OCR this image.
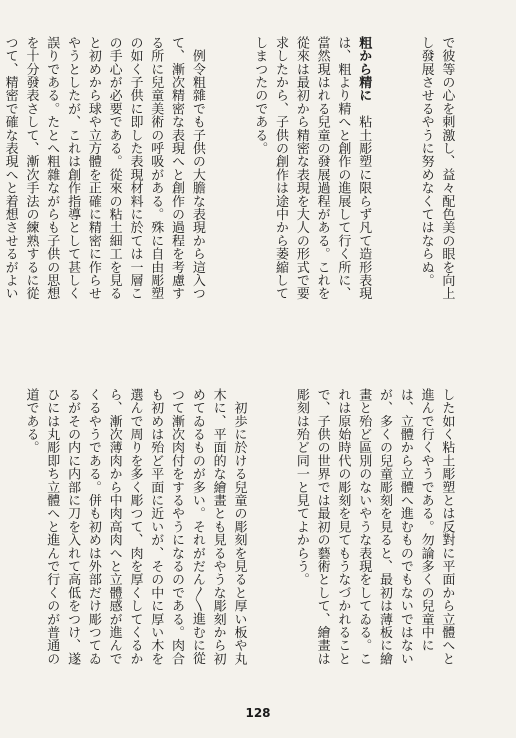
で彼等の心を刺激し、益々配色美の眼を向上し發展させるやうに努めなくてはならぬ。

粗から精に　粘土彫塑に限らず凡て造形表現は、粗より精へと創作の進展して行く所に、當然現はれる兒童の發展過程がある。これを從來は最初から精密な表現を大人の形式で要求したから、子供の創作は途中から萎縮してしまつたのである。

　例令粗雜でも子供の大膽な表現から這入つて、漸次精密な表現へと創作の過程を考慮する所に兒童美術の呼吸がある。殊に自由彫塑の如く子供に即した表現材料に於ては一層この手心が必要である。從來の粘土細工を見ると初めから球や立方體を正確に精密に作らせやうとしたが、これは創作指導として甚しく誤りである。たとへ粗雜ながらも子供の思想を十分發表さして、漸次手法の練熟するに從つて、精密で確な表現へと着想させるがよい

した如く粘土彫塑とは反對に平面から立體へと進んで行くやうである。勿論多くの兒童中には、立體から立體へ進むものでもないではないが、多くの兒童彫刻を見ると、最初は薄板に繪畫と殆ど區別のないやうな表現をしてゐる。これは原始時代の彫刻を見てもうなづかれることで、子供の世界では最初の藝術として、繪畫は彫刻は殆ど同一と見てよからう。

　初歩に於ける兒童の彫刻を見ると厚い板や丸木に、平面的な繪畫とも見るやうな彫刻から初めてゐるものが多い。それがだん〳〵進むに從つて漸次肉付をするやうになるのである。肉合も初めは殆ど平面に近いが、その中に厚い木を選んで周りを多く彫つて、肉を厚くしてくるから、漸次薄肉から中肉高肉へと立體感が進んでくるやうである。併も初めは外部だけ彫つてゐるがその内に内部に刀を入れて高低をつけ、遂ひには丸彫即ち立體へと進んで行くのが普通の道である。

128
